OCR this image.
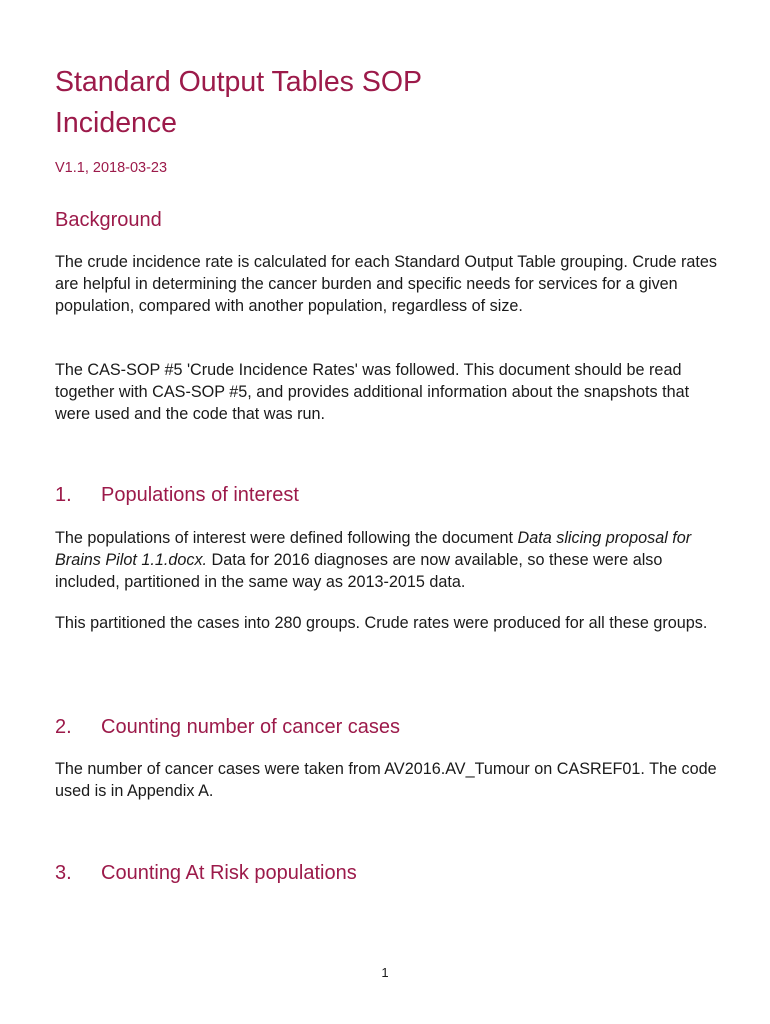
Standard Output Tables SOP
Incidence

V1.1, 2018-03-23

Background

The crude incidence rate is calculated for each Standard Output Table grouping. Crude rates are helpful in determining the cancer burden and specific needs for services for a given population, compared with another population, regardless of size.

The CAS-SOP #5 'Crude Incidence Rates' was followed. This document should be read together with CAS-SOP #5, and provides additional information about the snapshots that were used and the code that was run.

1. Populations of interest

The populations of interest were defined following the document Data slicing proposal for Brains Pilot 1.1.docx. Data for 2016 diagnoses are now available, so these were also included, partitioned in the same way as 2013-2015 data.

This partitioned the cases into 280 groups. Crude rates were produced for all these groups.

2. Counting number of cancer cases

The number of cancer cases were taken from AV2016.AV_Tumour on CASREF01. The code used is in Appendix A.

3. Counting At Risk populations
1
